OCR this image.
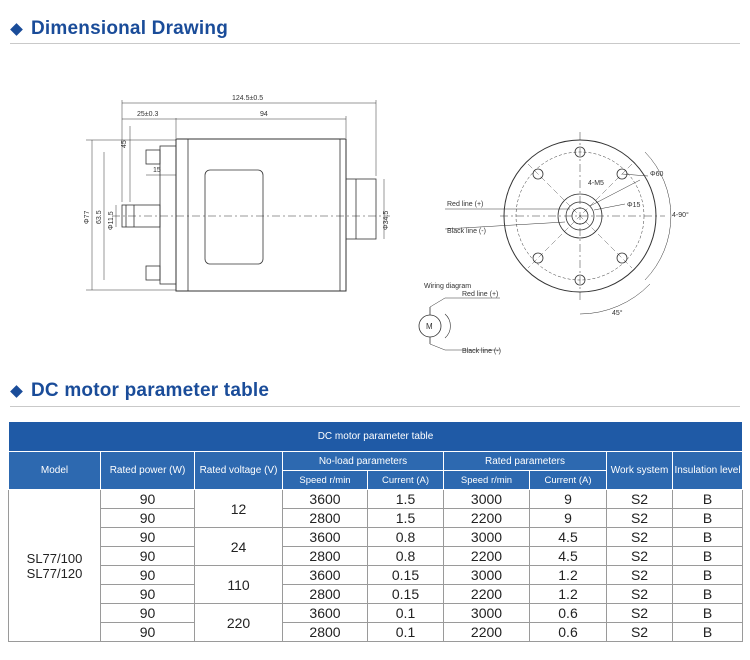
Dimensional Drawing
124.5±0.5
25±0.3	94
15
45
Φ77 63.5 Φ11.5	Φ34.5
4-M5
Φ60
Φ15
4-90°
45°
Red line (+)
Black line (-)
Wiring diagram
Red line (+)
Black line (-)
M
DC motor parameter table
DC motor parameter table								
Model	Rated power (W)	Rated voltage (V)	No-load parameters		Rated parameters		Work system	Insulation level
			Speed r/min	Current (A)	Speed r/min	Current (A)		

SL77/100
SL77/120	90	12	3600	1.5	3000	9	S2	B
	90		2800	1.5	2200	9	S2	B
	90	24	3600	0.8	3000	4.5	S2	B
	90		2800	0.8	2200	4.5	S2	B
	90	110	3600	0.15	3000	1.2	S2	B
	90		2800	0.15	2200	1.2	S2	B
	90	220	3600	0.1	3000	0.6	S2	B
	90		2800	0.1	2200	0.6	S2	B
